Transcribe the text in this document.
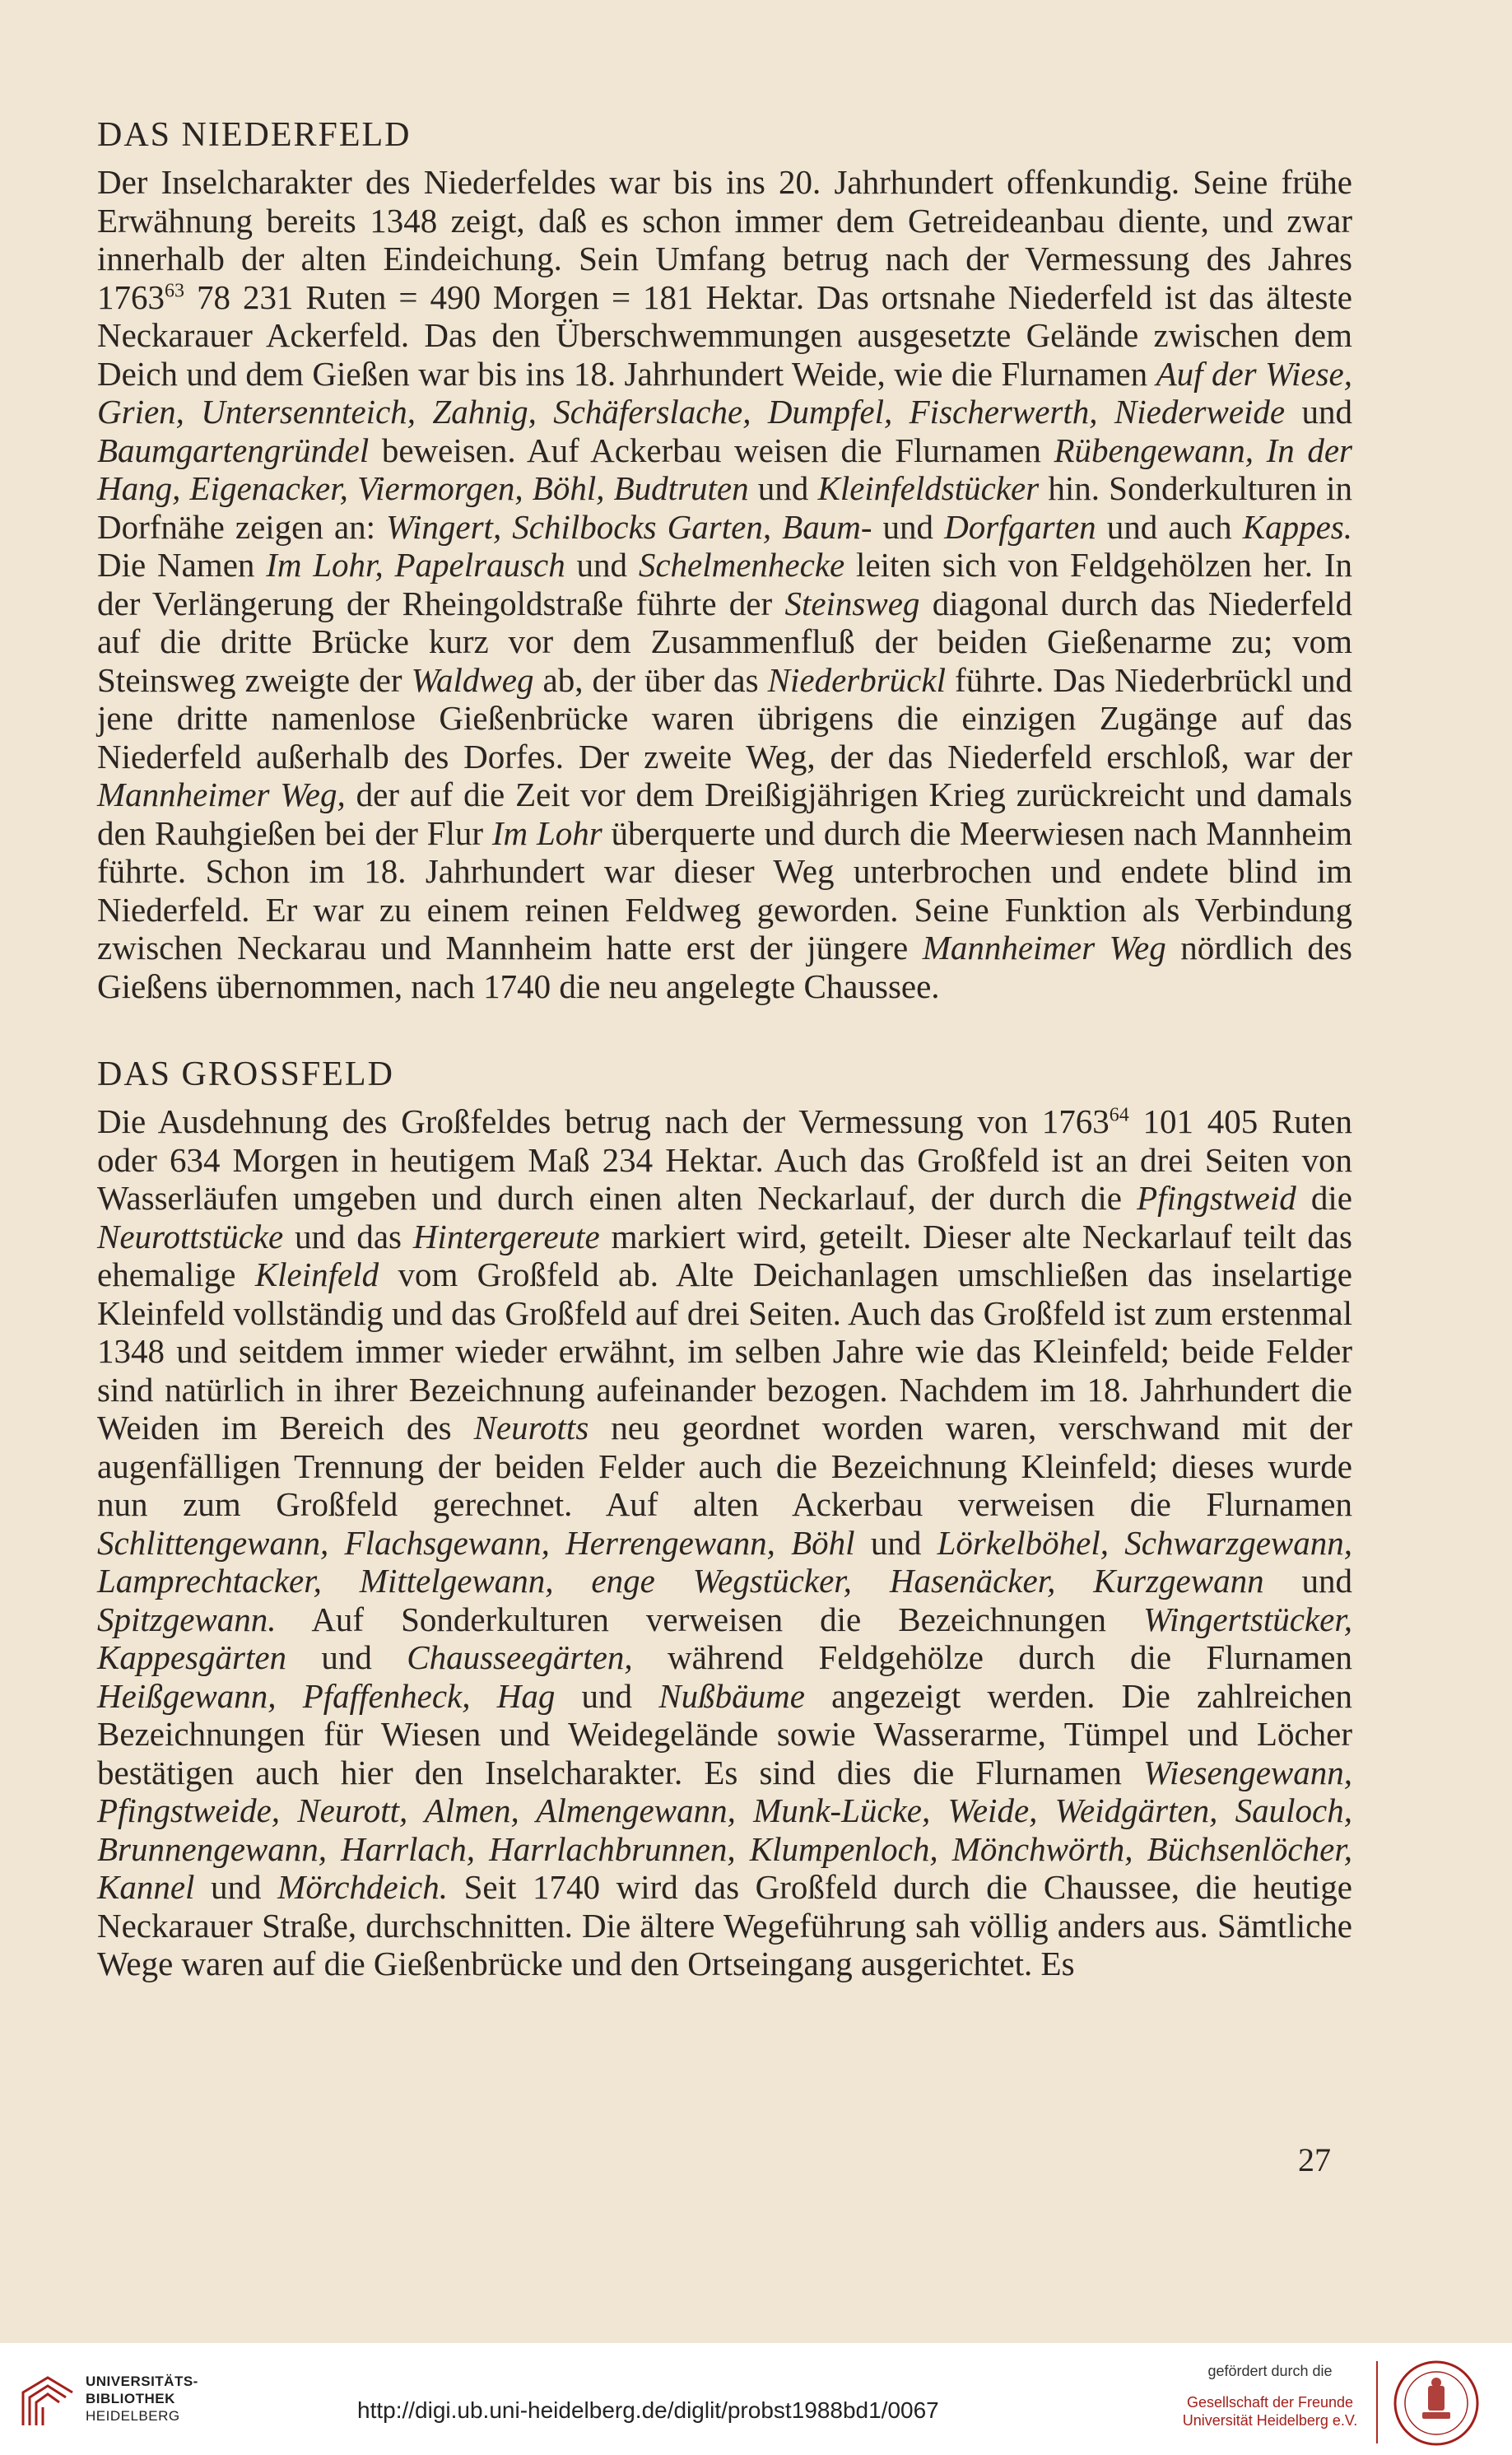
DAS NIEDERFELD

Der Inselcharakter des Niederfeldes war bis ins 20. Jahrhundert offenkundig. Seine frühe Erwähnung bereits 1348 zeigt, daß es schon immer dem Getreideanbau diente, und zwar innerhalb der alten Eindeichung. Sein Umfang betrug nach der Vermessung des Jahres 1763$^{63}$ 78 231 Ruten = 490 Morgen = 181 Hektar. Das ortsnahe Niederfeld ist das älteste Neckarauer Ackerfeld. Das den Überschwemmungen ausgesetzte Gelände zwischen dem Deich und dem Gießen war bis ins 18. Jahrhundert Weide, wie die Flurnamen Auf der Wiese, Grien, Untersennteich, Zahnig, Schäferslache, Dumpfel, Fischerwerth, Niederweide und Baumgartengründel beweisen. Auf Ackerbau weisen die Flurnamen Rübengewann, In der Hang, Eigenacker, Viermorgen, Böhl, Budtruten und Kleinfeldstücker hin. Sonderkulturen in Dorfnähe zeigen an: Wingert, Schilbocks Garten, Baum- und Dorfgarten und auch Kappes. Die Namen Im Lohr, Papelrausch und Schelmenhecke leiten sich von Feldgehölzen her. In der Verlängerung der Rheingoldstraße führte der Steinsweg diagonal durch das Niederfeld auf die dritte Brücke kurz vor dem Zusammenfluß der beiden Gießenarme zu; vom Steinsweg zweigte der Waldweg ab, der über das Niederbrückl führte. Das Niederbrückl und jene dritte namenlose Gießenbrücke waren übrigens die einzigen Zugänge auf das Niederfeld außerhalb des Dorfes. Der zweite Weg, der das Niederfeld erschloß, war der Mannheimer Weg, der auf die Zeit vor dem Dreißigjährigen Krieg zurückreicht und damals den Rauhgießen bei der Flur Im Lohr überquerte und durch die Meerwiesen nach Mannheim führte. Schon im 18. Jahrhundert war dieser Weg unterbrochen und endete blind im Niederfeld. Er war zu einem reinen Feldweg geworden. Seine Funktion als Verbindung zwischen Neckarau und Mannheim hatte erst der jüngere Mannheimer Weg nördlich des Gießens übernommen, nach 1740 die neu angelegte Chaussee.

DAS GROSSFELD

Die Ausdehnung des Großfeldes betrug nach der Vermessung von 1763$^{64}$ 101 405 Ruten oder 634 Morgen in heutigem Maß 234 Hektar. Auch das Großfeld ist an drei Seiten von Wasserläufen umgeben und durch einen alten Neckarlauf, der durch die Pfingstweid die Neurottstücke und das Hintergereute markiert wird, geteilt. Dieser alte Neckarlauf teilt das ehemalige Kleinfeld vom Großfeld ab. Alte Deichanlagen umschließen das inselartige Kleinfeld vollständig und das Großfeld auf drei Seiten. Auch das Großfeld ist zum erstenmal 1348 und seitdem immer wieder erwähnt, im selben Jahre wie das Kleinfeld; beide Felder sind natürlich in ihrer Bezeichnung aufeinander bezogen. Nachdem im 18. Jahrhundert die Weiden im Bereich des Neurotts neu geordnet worden waren, verschwand mit der augenfälligen Trennung der beiden Felder auch die Bezeichnung Kleinfeld; dieses wurde nun zum Großfeld gerechnet. Auf alten Ackerbau verweisen die Flurnamen Schlittengewann, Flachsgewann, Herrengewann, Böhl und Lörkelböhel, Schwarzgewann, Lamprechtacker, Mittelgewann, enge Wegstücker, Hasenäcker, Kurzgewann und Spitzgewann. Auf Sonderkulturen verweisen die Bezeichnungen Wingertstücker, Kappesgärten und Chausseegärten, während Feldgehölze durch die Flurnamen Heißgewann, Pfaffenheck, Hag und Nußbäume angezeigt werden. Die zahlreichen Bezeichnungen für Wiesen und Weidegelände sowie Wasserarme, Tümpel und Löcher bestätigen auch hier den Inselcharakter. Es sind dies die Flurnamen Wiesengewann, Pfingstweide, Neurott, Almen, Almengewann, Munk-Lücke, Weide, Weidgärten, Sauloch, Brunnengewann, Harrlach, Harrlachbrunnen, Klumpenloch, Mönchwörth, Büchsenlöcher, Kannel und Mörchdeich. Seit 1740 wird das Großfeld durch die Chaussee, die heutige Neckarauer Straße, durchschnitten. Die ältere Wegeführung sah völlig anders aus. Sämtliche Wege waren auf die Gießenbrücke und den Ortseingang ausgerichtet. Es

27
UNIVERSITÄTS-
BIBLIOTHEK
HEIDELBERG	http://digi.ub.uni-heidelberg.de/diglit/probst1988bd1/0067
gefördert durch die
Gesellschaft der Freunde
Universität Heidelberg e.V.
